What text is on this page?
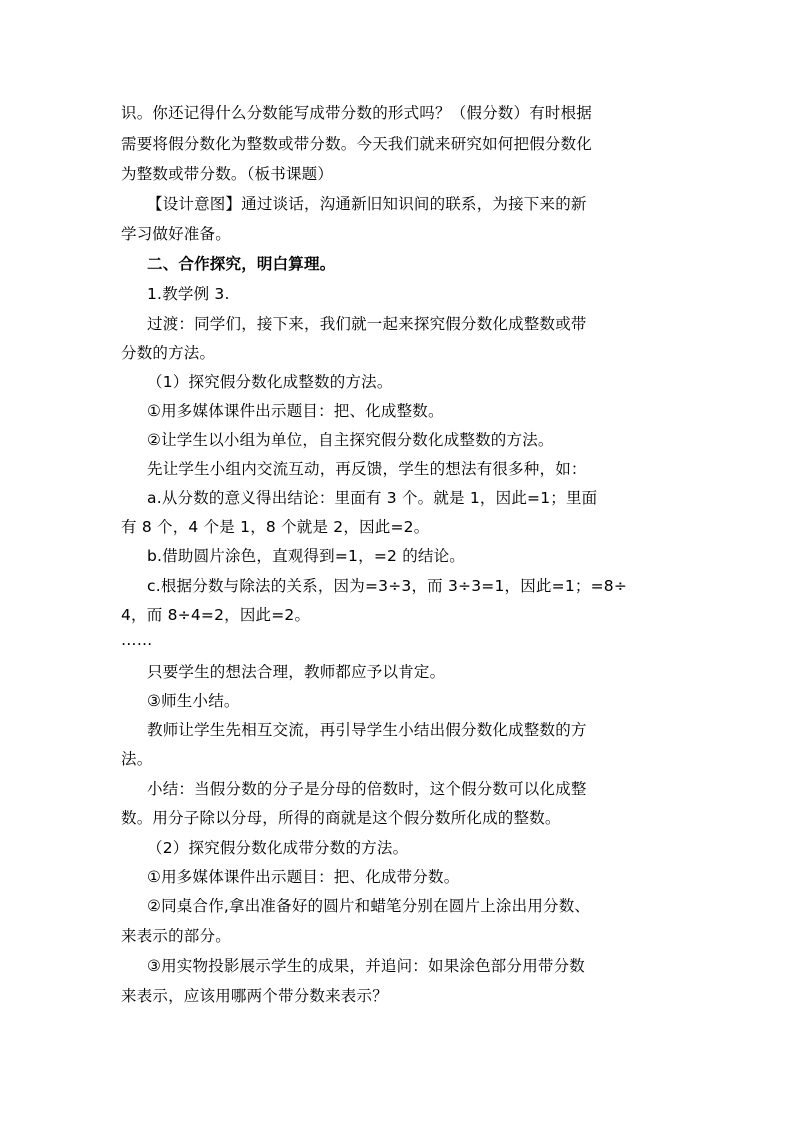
识。你还记得什么分数能写成带分数的形式吗？（假分数）有时根据
需要将假分数化为整数或带分数。今天我们就来研究如何把假分数化
为整数或带分数。（板书课题）
【设计意图】通过谈话，沟通新旧知识间的联系，为接下来的新
学习做好准备。
二、合作探究，明白算理。
1.教学例 3.
过渡：同学们，接下来，我们就一起来探究假分数化成整数或带
分数的方法。
（1）探究假分数化成整数的方法。
①用多媒体课件出示题目：把、化成整数。
②让学生以小组为单位，自主探究假分数化成整数的方法。
先让学生小组内交流互动，再反馈，学生的想法有很多种，如：
a.从分数的意义得出结论：里面有 3 个。就是 1，因此=1；里面
有 8 个，4 个是 1，8 个就是 2，因此=2。
b.借助圆片涂色，直观得到=1，=2 的结论。
c.根据分数与除法的关系，因为=3÷3，而 3÷3=1，因此=1；=8÷
4，而 8÷4=2，因此=2。
……
只要学生的想法合理，教师都应予以肯定。
③师生小结。
教师让学生先相互交流，再引导学生小结出假分数化成整数的方
法。
小结：当假分数的分子是分母的倍数时，这个假分数可以化成整
数。用分子除以分母，所得的商就是这个假分数所化成的整数。
（2）探究假分数化成带分数的方法。
①用多媒体课件出示题目：把、化成带分数。
②同桌合作,拿出准备好的圆片和蜡笔分别在圆片上涂出用分数、
来表示的部分。
③用实物投影展示学生的成果，并追问：如果涂色部分用带分数
来表示，应该用哪两个带分数来表示？
